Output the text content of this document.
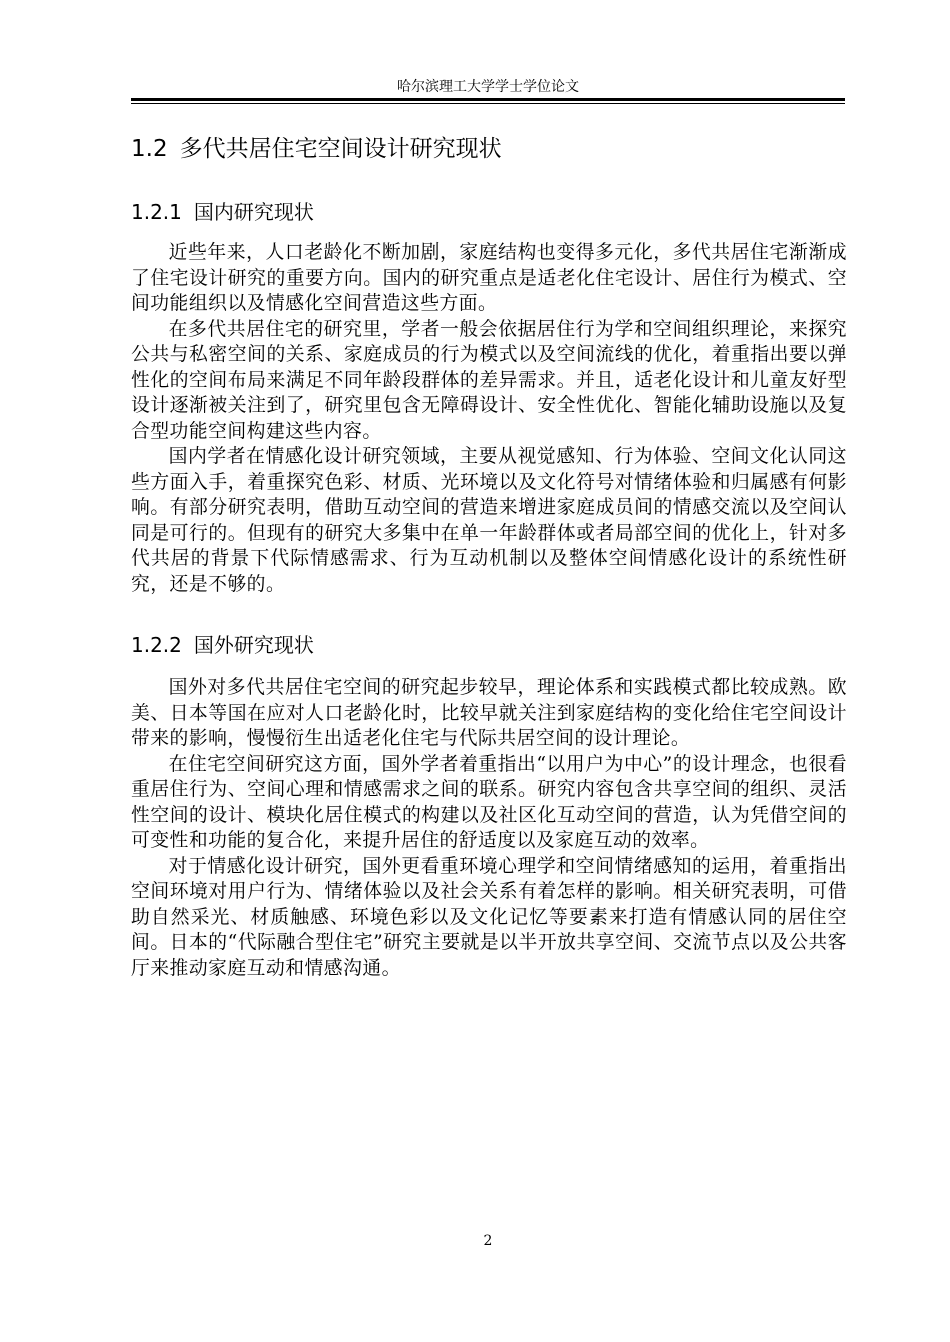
哈尔滨理工大学学士学位论文
1.2 多代共居住宅空间设计研究现状
1.2.1 国内研究现状

近些年来，人口老龄化不断加剧，家庭结构也变得多元化，多代共居住宅渐渐成了住宅设计研究的重要方向。国内的研究重点是适老化住宅设计、居住行为模式、空间功能组织以及情感化空间营造这些方面。

在多代共居住宅的研究里，学者一般会依据居住行为学和空间组织理论，来探究公共与私密空间的关系、家庭成员的行为模式以及空间流线的优化，着重指出要以弹性化的空间布局来满足不同年龄段群体的差异需求。并且，适老化设计和儿童友好型设计逐渐被关注到了，研究里包含无障碍设计、安全性优化、智能化辅助设施以及复合型功能空间构建这些内容。

国内学者在情感化设计研究领域，主要从视觉感知、行为体验、空间文化认同这些方面入手，着重探究色彩、材质、光环境以及文化符号对情绪体验和归属感有何影响。有部分研究表明，借助互动空间的营造来增进家庭成员间的情感交流以及空间认同是可行的。但现有的研究大多集中在单一年龄群体或者局部空间的优化上，针对多代共居的背景下代际情感需求、行为互动机制以及整体空间情感化设计的系统性研究，还是不够的。

1.2.2 国外研究现状

国外对多代共居住宅空间的研究起步较早，理论体系和实践模式都比较成熟。欧美、日本等国在应对人口老龄化时，比较早就关注到家庭结构的变化给住宅空间设计带来的影响，慢慢衍生出适老化住宅与代际共居空间的设计理论。

在住宅空间研究这方面，国外学者着重指出“以用户为中心”的设计理念，也很看重居住行为、空间心理和情感需求之间的联系。研究内容包含共享空间的组织、灵活性空间的设计、模块化居住模式的构建以及社区化互动空间的营造，认为凭借空间的可变性和功能的复合化，来提升居住的舒适度以及家庭互动的效率。

对于情感化设计研究，国外更看重环境心理学和空间情绪感知的运用，着重指出空间环境对用户行为、情绪体验以及社会关系有着怎样的影响。相关研究表明，可借助自然采光、材质触感、环境色彩以及文化记忆等要素来打造有情感认同的居住空间。日本的“代际融合型住宅”研究主要就是以半开放共享空间、交流节点以及公共客厅来推动家庭互动和情感沟通。

2
